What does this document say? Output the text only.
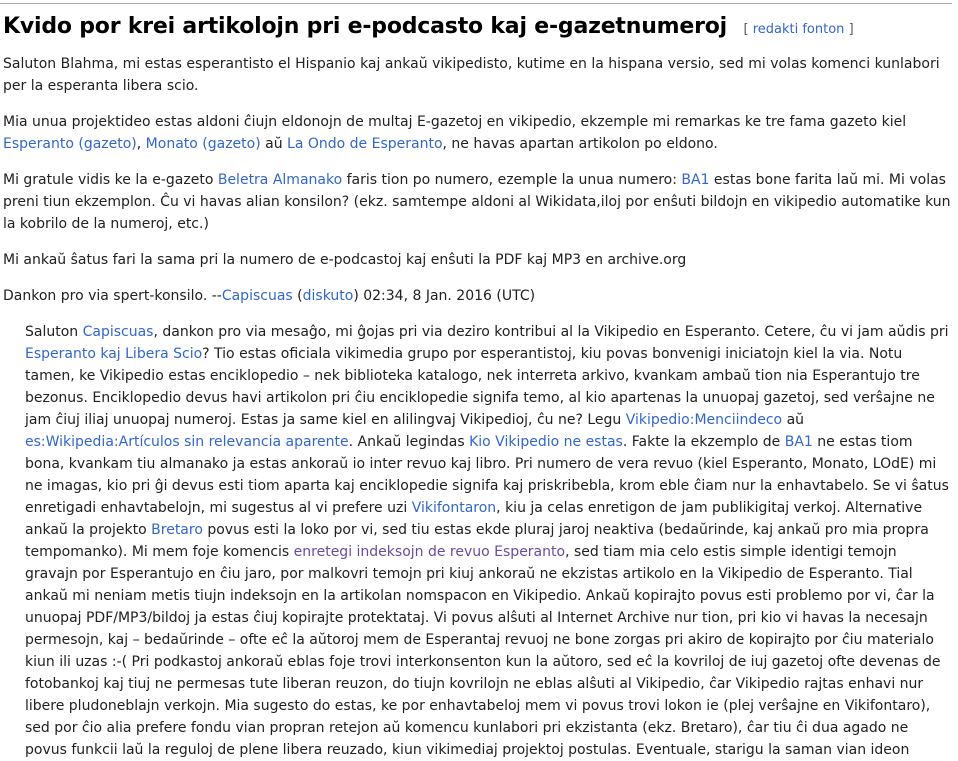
Kvido por krei artikolojn pri e-podcasto kaj e-gazetnumeroj [ redakti fonton ]

Saluton Blahma, mi estas esperantisto el Hispanio kaj ankaŭ vikipedisto, kutime en la hispana versio, sed mi volas komenci kunlabori per la esperanta libera scio.

Mia unua projektideo estas aldoni ĉiujn eldonojn de multaj E-gazetoj en vikipedio, ekzemple mi remarkas ke tre fama gazeto kiel Esperanto (gazeto), Monato (gazeto) aŭ La Ondo de Esperanto, ne havas apartan artikolon po eldono.

Mi gratule vidis ke la e-gazeto Beletra Almanako faris tion po numero, ezemple la unua numero: BA1 estas bone farita laŭ mi. Mi volas preni tiun ekzemplon. Ĉu vi havas alian konsilon? (ekz. samtempe aldoni al Wikidata,iloj por enŝuti bildojn en vikipedio automatike kun la kobrilo de la numeroj, etc.)

Mi ankaŭ ŝatus fari la sama pri la numero de e-podcastoj kaj enŝuti la PDF kaj MP3 en archive.org

Dankon pro via spert-konsilo. --Capiscuas (diskuto) 02:34, 8 Jan. 2016 (UTC)

Saluton Capiscuas, dankon pro via mesaĝo, mi ĝojas pri via deziro kontribui al la Vikipedio en Esperanto. Cetere, ĉu vi jam aŭdis pri Esperanto kaj Libera Scio? Tio estas oficiala vikimedia grupo por esperantistoj, kiu povas bonvenigi iniciatojn kiel la via. Notu tamen, ke Vikipedio estas enciklopedio – nek biblioteka katalogo, nek interreta arkivo, kvankam ambaŭ tion nia Esperantujo tre bezonus. Enciklopedio devus havi artikolon pri ĉiu enciklopedie signifa temo, al kio apartenas la unuopaj gazetoj, sed verŝajne ne jam ĉiuj iliaj unuopaj numeroj. Estas ja same kiel en alilingvaj Vikipedioj, ĉu ne? Legu Vikipedio:Menciindeco aŭ es:Wikipedia:Artículos sin relevancia aparente. Ankaŭ legindas Kio Vikipedio ne estas. Fakte la ekzemplo de BA1 ne estas tiom bona, kvankam tiu almanako ja estas ankoraŭ io inter revuo kaj libro. Pri numero de vera revuo (kiel Esperanto, Monato, LOdE) mi ne imagas, kio pri ĝi devus esti tiom aparta kaj enciklopedie signifa kaj priskribebla, krom eble ĉiam nur la enhavtabelo. Se vi ŝatus enretigadi enhavtabelojn, mi sugestus al vi prefere uzi Vikifontaron, kiu ja celas enretigon de jam publikigitaj verkoj. Alternative ankaŭ la projekto Bretaro povus esti la loko por vi, sed tiu estas ekde pluraj jaroj neaktiva (bedaŭrinde, kaj ankaŭ pro mia propra tempomanko). Mi mem foje komencis enretegi indeksojn de revuo Esperanto, sed tiam mia celo estis simple identigi temojn gravajn por Esperantujo en ĉiu jaro, por malkovri temojn pri kiuj ankoraŭ ne ekzistas artikolo en la Vikipedio de Esperanto. Tial ankaŭ mi neniam metis tiujn indeksojn en la artikolan nomspacon en Vikipedio. Ankaŭ kopirajto povus esti problemo por vi, ĉar la unuopaj PDF/MP3/bildoj ja estas ĉiuj kopirajte protektataj. Vi povus alŝuti al Internet Archive nur tion, pri kio vi havas la necesajn permesojn, kaj – bedaŭrinde – ofte eĉ la aŭtoroj mem de Esperantaj revuoj ne bone zorgas pri akiro de kopirajto por ĉiu materialo kiun ili uzas :-( Pri podkastoj ankoraŭ eblas foje trovi interkonsenton kun la aŭtoro, sed eĉ la kovriloj de iuj gazetoj ofte devenas de fotobankoj kaj tiuj ne permesas tute liberan reuzon, do tiujn kovrilojn ne eblas alŝuti al Vikipedio, ĉar Vikipedio rajtas enhavi nur libere pludoneblajn verkojn. Mia sugesto do estas, ke por enhavtabeloj mem vi povus trovi lokon ie (plej verŝajne en Vikifontaro), sed por ĉio alia prefere fondu vian propran retejon aŭ komencu kunlabori pri ekzistanta (ekz. Bretaro), ĉar tiu ĉi dua agado ne povus funkcii laŭ la reguloj de plene libera reuzado, kiun vikimediaj projektoj postulas. Eventuale, starigu la saman vian ideon
